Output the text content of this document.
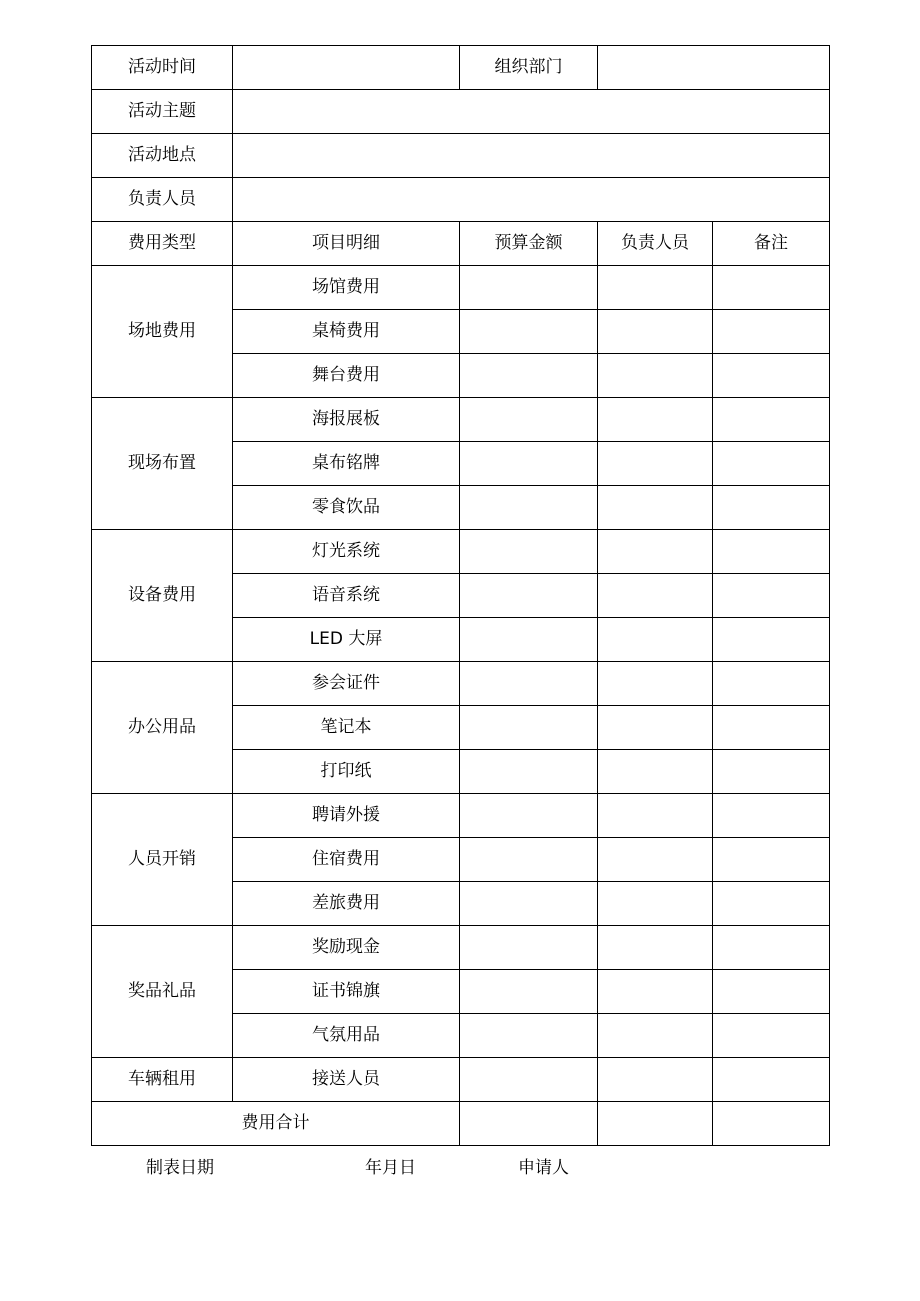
活动时间		组织部门		
活动主题				
活动地点				
负责人员				
费用类型	项目明细	预算金额	负责人员	备注
场地费用	场馆费用			
	桌椅费用			
	舞台费用			
现场布置	海报展板			
	桌布铭牌			
	零食饮品			
设备费用	灯光系统			
	语音系统			
	LED 大屏			
办公用品	参会证件			
	笔记本			
	打印纸			
人员开销	聘请外援			
	住宿费用			
	差旅费用			
奖品礼品	奖励现金			
	证书锦旗			
	气氛用品			
车辆租用	接送人员			
费用合计				
制表日期	年月日	申请人
